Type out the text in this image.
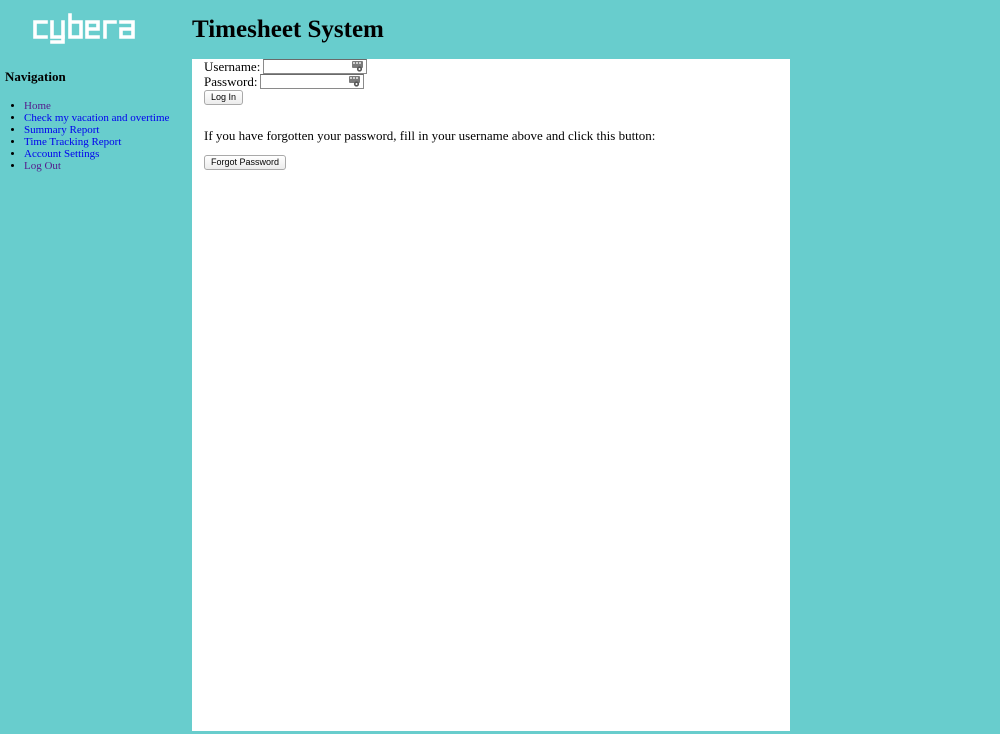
Timesheet System
Navigation
• Home
• Check my vacation and overtime
• Summary Report
• Time Tracking Report
• Account Settings
• Log Out
Username:
Password:
Log In

If you have forgotten your password, fill in your username above and click this button:

Forgot Password
